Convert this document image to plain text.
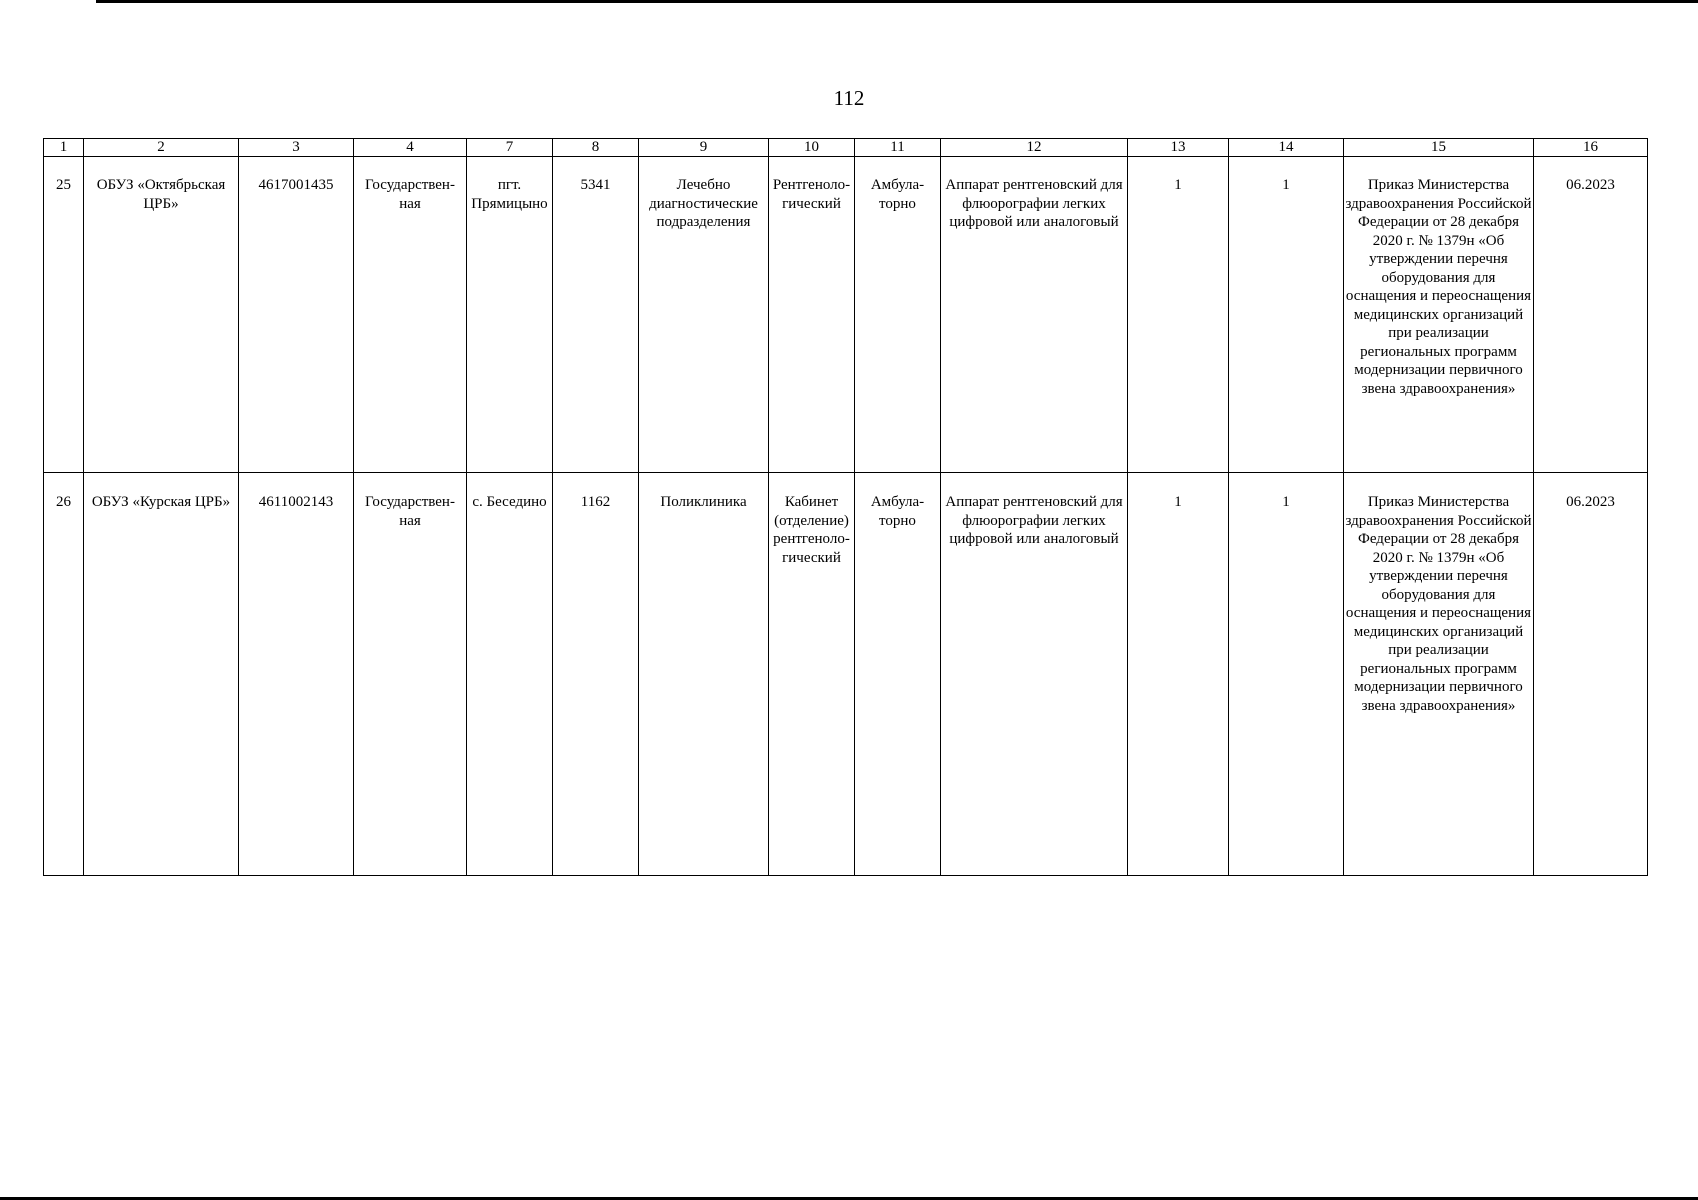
112
1	2	3	4	7	8	9	10	11	12	13	14	15	16
25	ОБУЗ «Октябрьская ЦРБ»	4617001435	Государствен-ная	пгт. Прямицыно	5341	Лечебно диагностические подразделения	Рентгеноло-гический	Амбула-торно	Аппарат рентгеновский для флюорографии легких цифровой или аналоговый	1	1	Приказ Министерства здравоохранения Российской Федерации от 28 декабря 2020 г. № 1379н «Об утверждении перечня оборудования для оснащения и переоснащения медицинских организаций при реализации региональных программ модернизации первичного звена здравоохранения»	06.2023
26	ОБУЗ «Курская ЦРБ»	4611002143	Государствен-ная	с. Беседино	1162	Поликлиника	Кабинет (отделение) рентгеноло-гический	Амбула-торно	Аппарат рентгеновский для флюорографии легких цифровой или аналоговый	1	1	Приказ Министерства здравоохранения Российской Федерации от 28 декабря 2020 г. № 1379н «Об утверждении перечня оборудования для оснащения и переоснащения медицинских организаций при реализации региональных программ модернизации первичного звена здравоохранения»	06.2023
